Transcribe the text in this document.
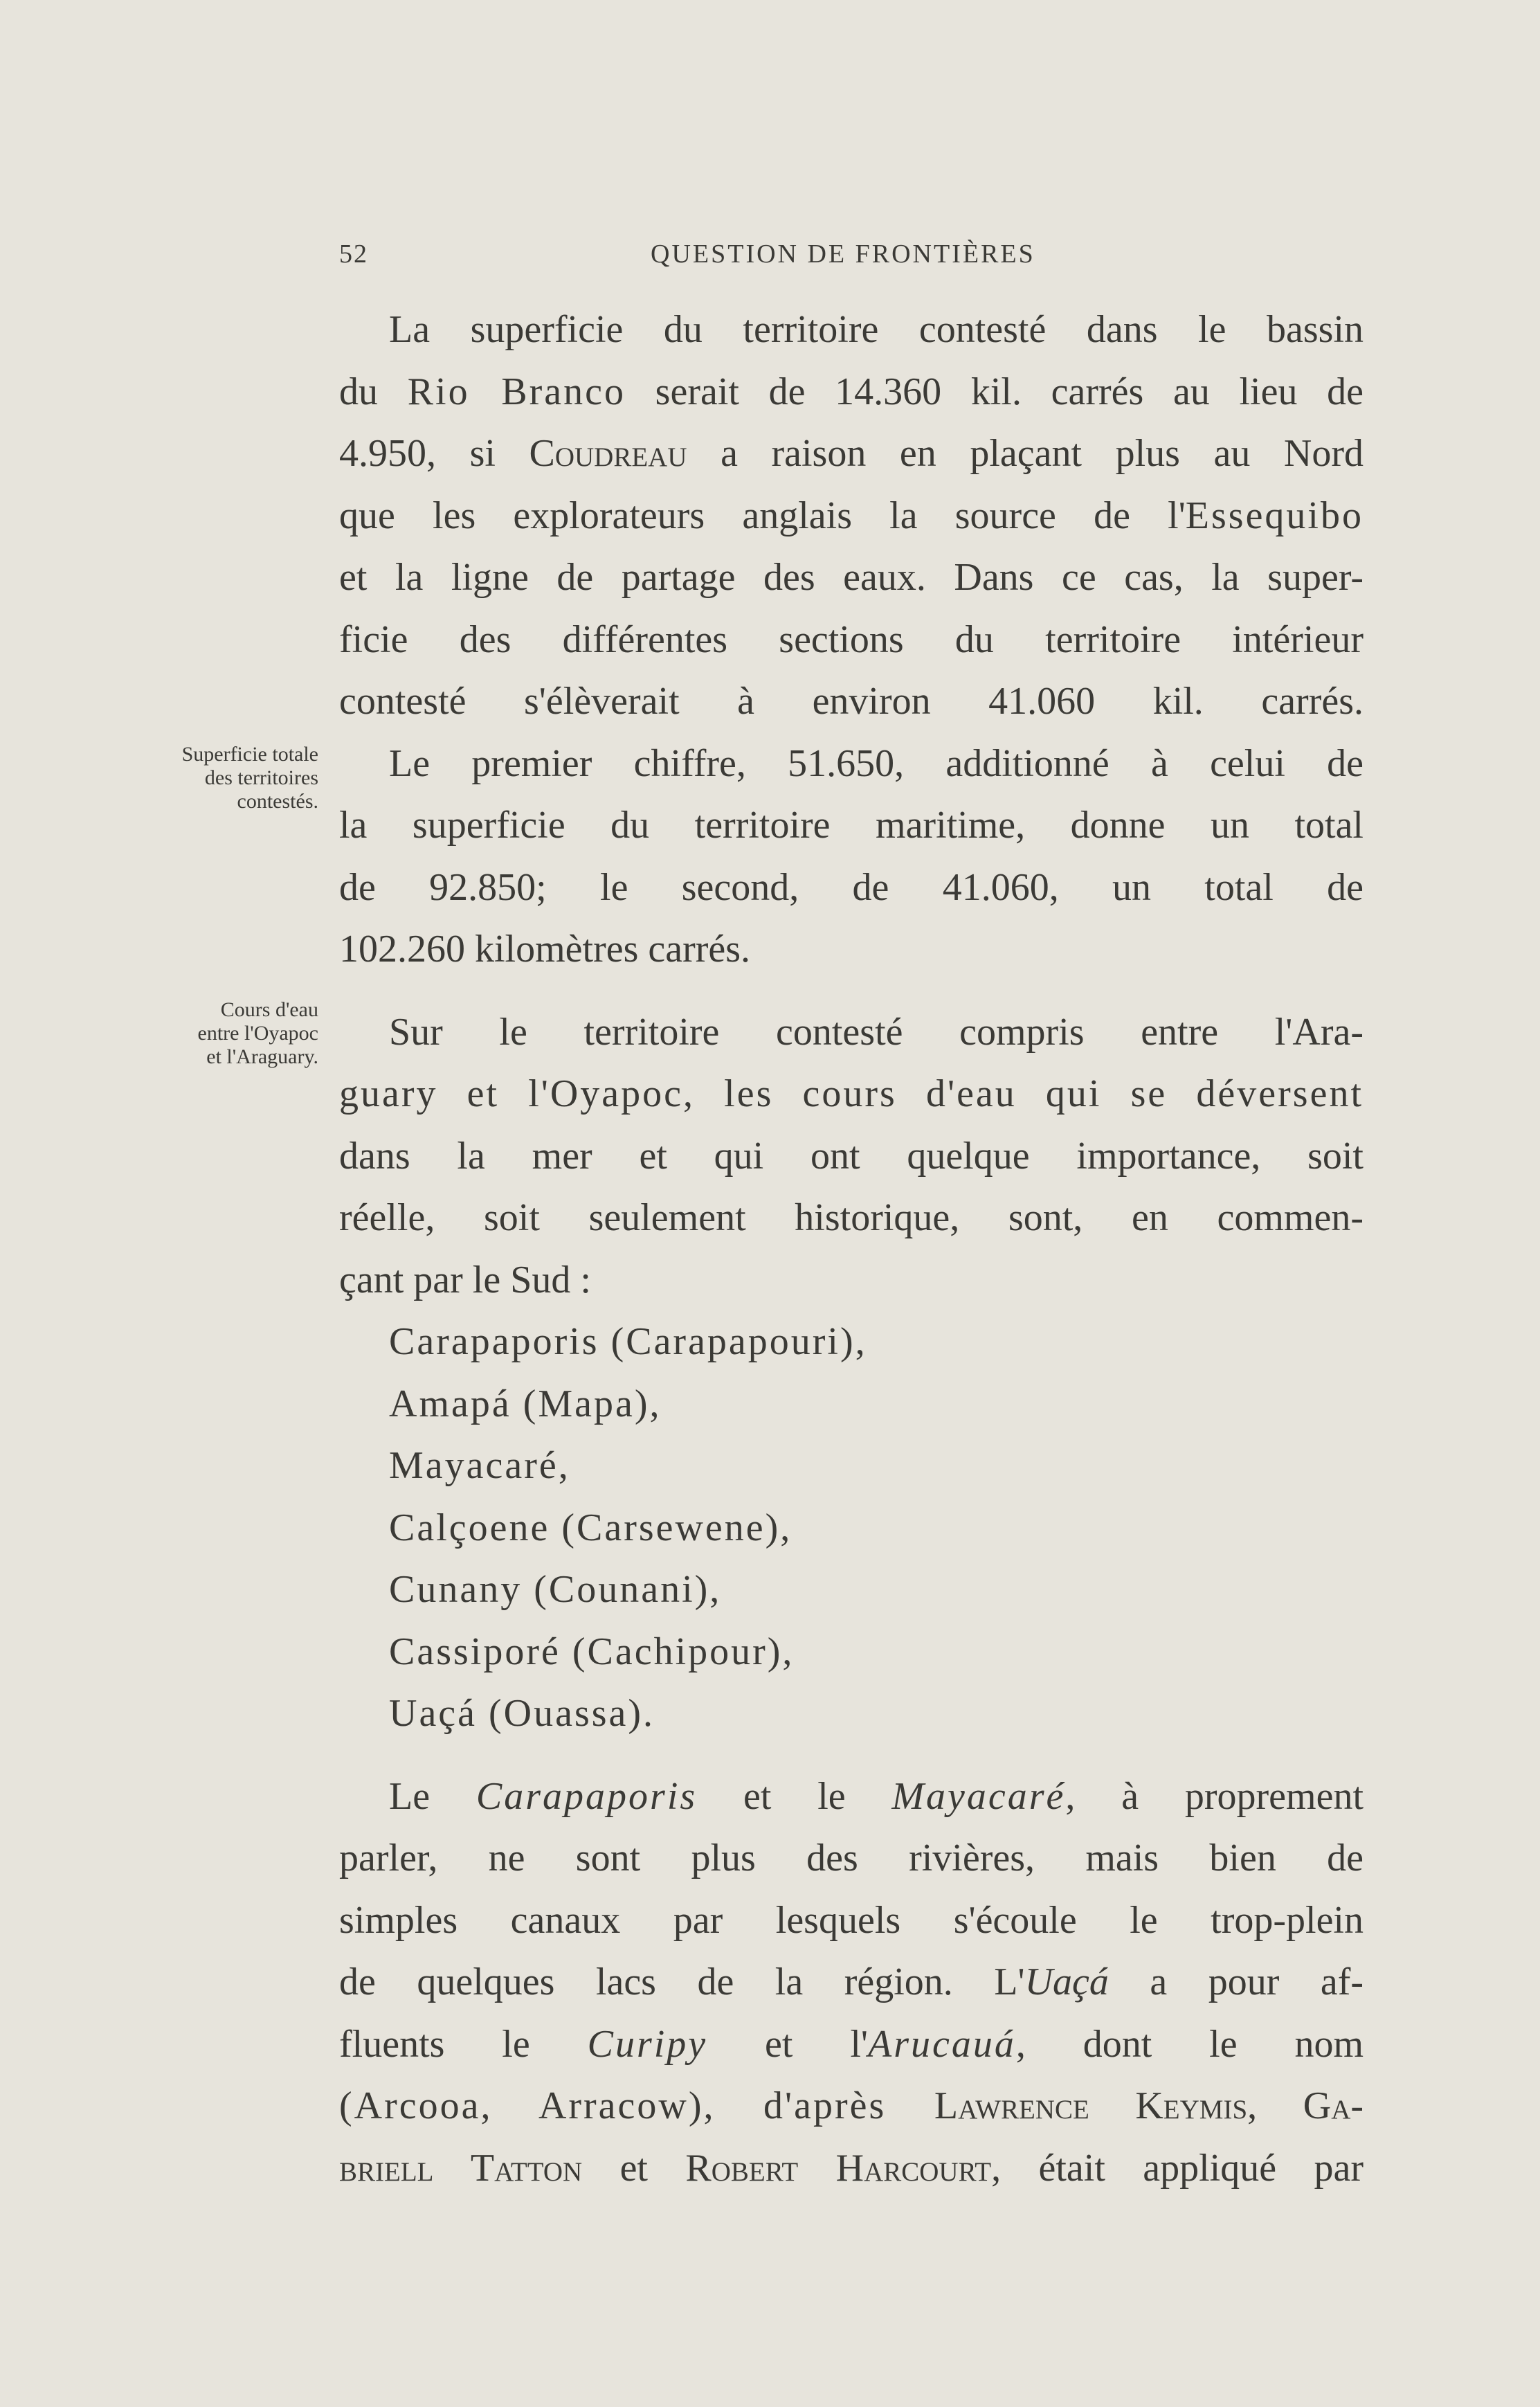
52	QUESTION DE FRONTIÈRES
Superficie totale
des territoires
contestés.
Cours d'eau
entre l'Oyapoc
et l'Araguary.
La superficie du territoire contesté dans le bassin
du Rio Branco serait de 14.360 kil. carrés au lieu de
4.950, si Coudreau a raison en plaçant plus au Nord
que les explorateurs anglais la source de l'Essequibo
et la ligne de partage des eaux. Dans ce cas, la super-
ficie des différentes sections du territoire intérieur
contesté s'élèverait à environ 41.060 kil. carrés.
Le premier chiffre, 51.650, additionné à celui de
la superficie du territoire maritime, donne un total
de 92.850; le second, de 41.060, un total de
102.260 kilomètres carrés.
Sur le territoire contesté compris entre l'Ara-
guary et l'Oyapoc, les cours d'eau qui se déversent
dans la mer et qui ont quelque importance, soit
réelle, soit seulement historique, sont, en commen-
çant par le Sud :
Carapaporis (Carapapouri),
Amapá (Mapa),
Mayacaré,
Calçoene (Carsewene),
Cunany (Counani),
Cassiporé (Cachipour),
Uaçá (Ouassa).
Le Carapaporis et le Mayacaré, à proprement
parler, ne sont plus des rivières, mais bien de
simples canaux par lesquels s'écoule le trop-plein
de quelques lacs de la région. L'Uaçá a pour af-
fluents le Curipy et l'Arucauá, dont le nom
(Arcooa, Arracow), d'après Lawrence Keymis, Ga-
briell Tatton et Robert Harcourt, était appliqué par
